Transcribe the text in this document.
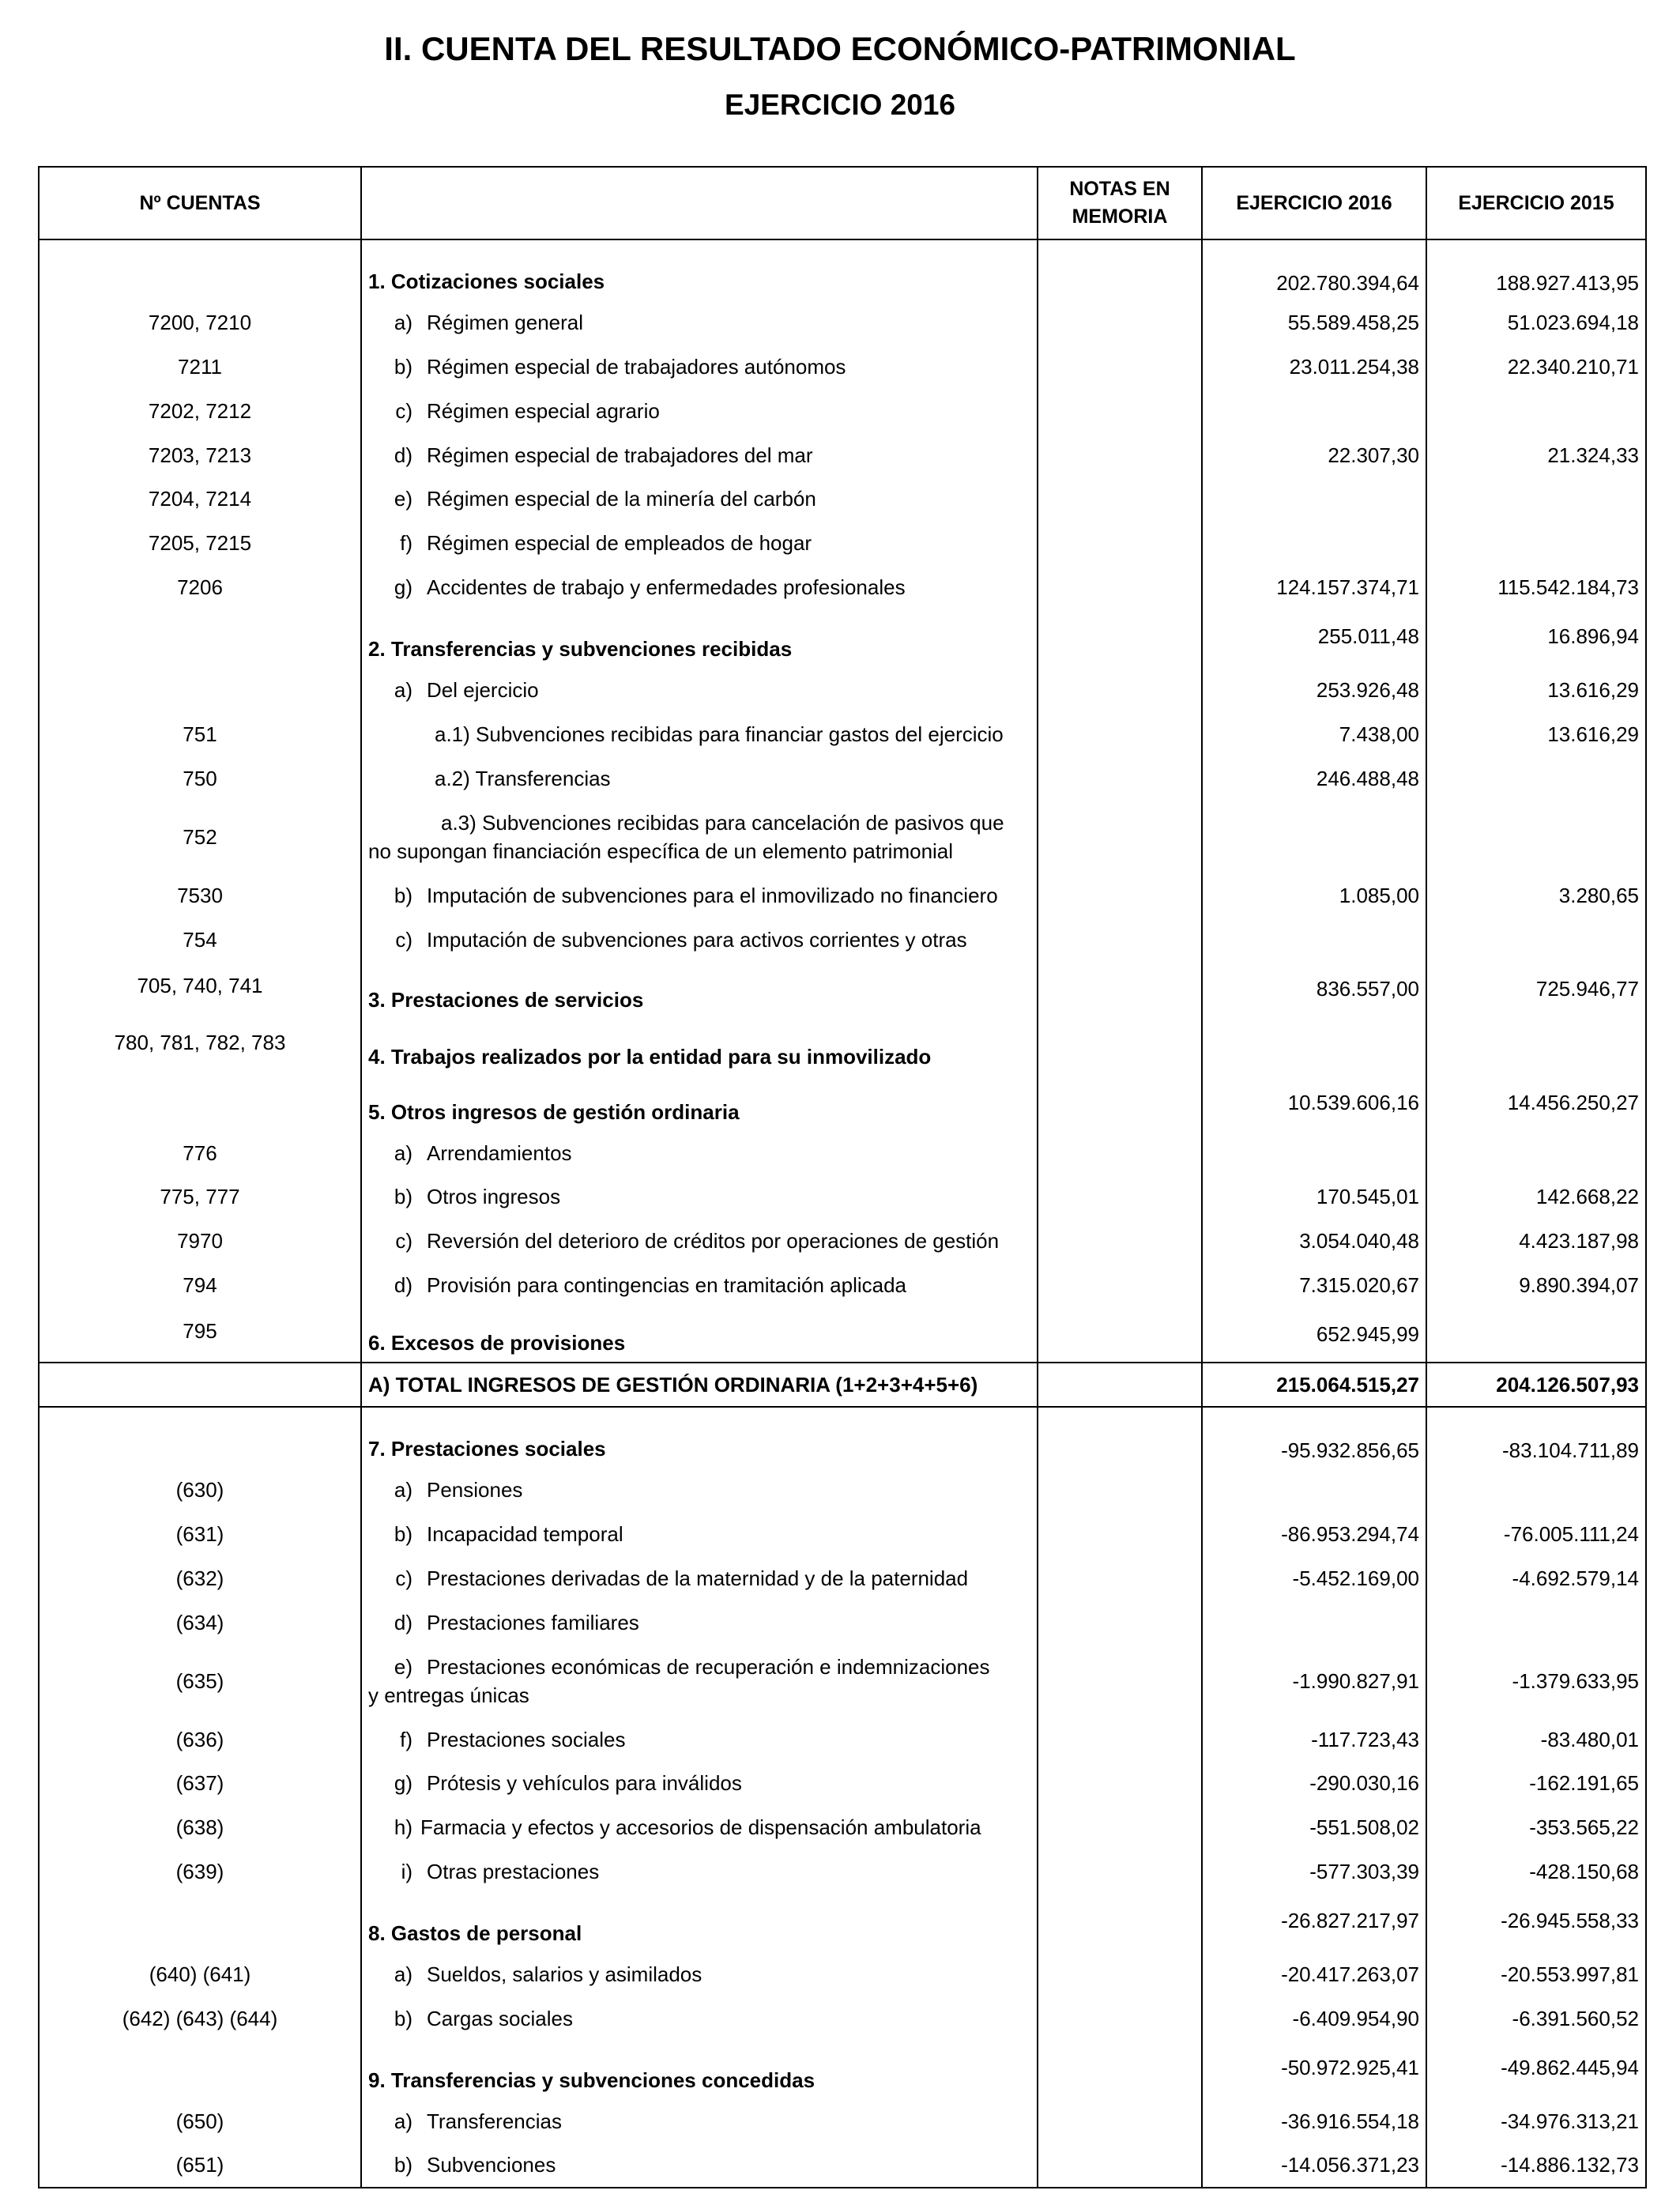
II. CUENTA DEL RESULTADO ECONÓMICO-PATRIMONIAL
EJERCICIO 2016
Nº CUENTAS		NOTAS EN MEMORIA	EJERCICIO 2016	EJERCICIO 2015

	1. Cotizaciones sociales		202.780.394,64	188.927.413,95
7200, 7210	a) Régimen general		55.589.458,25	51.023.694,18
7211	b) Régimen especial de trabajadores autónomos		23.011.254,38	22.340.210,71
7202, 7212	c) Régimen especial agrario			
7203, 7213	d) Régimen especial de trabajadores del mar		22.307,30	21.324,33
7204, 7214	e) Régimen especial de la minería del carbón			
7205, 7215	f) Régimen especial de empleados de hogar			
7206	g) Accidentes de trabajo y enfermedades profesionales		124.157.374,71	115.542.184,73
	2. Transferencias y subvenciones recibidas		255.011,48	16.896,94
	a) Del ejercicio		253.926,48	13.616,29
751	a.1) Subvenciones recibidas para financiar gastos del ejercicio		7.438,00	13.616,29
750	a.2) Transferencias		246.488,48	
752	a.3) Subvenciones recibidas para cancelación de pasivos que
no supongan financiación específica de un elemento patrimonial			

7530	b) Imputación de subvenciones para el inmovilizado no financiero		1.085,00	3.280,65
754	c) Imputación de subvenciones para activos corrientes y otras			
705, 740, 741	3. Prestaciones de servicios		836.557,00	725.946,77
780, 781, 782, 783	4. Trabajos realizados por la entidad para su inmovilizado			
	5. Otros ingresos de gestión ordinaria		10.539.606,16	14.456.250,27
776	a) Arrendamientos			
775, 777	b) Otros ingresos		170.545,01	142.668,22
7970	c) Reversión del deterioro de créditos por operaciones de gestión		3.054.040,48	4.423.187,98
794	d) Provisión para contingencias en tramitación aplicada		7.315.020,67	9.890.394,07
795	6. Excesos de provisiones		652.945,99	
	A) TOTAL INGRESOS DE GESTIÓN ORDINARIA (1+2+3+4+5+6)		215.064.515,27	204.126.507,93

	7. Prestaciones sociales		-95.932.856,65	-83.104.711,89
(630)	a) Pensiones			
(631)	b) Incapacidad temporal		-86.953.294,74	-76.005.111,24
(632)	c) Prestaciones derivadas de la maternidad y de la paternidad		-5.452.169,00	-4.692.579,14
(634)	d) Prestaciones familiares			
(635)	e) Prestaciones económicas de recuperación e indemnizaciones
y entregas únicas		-1.990.827,91	-1.379.633,95
(636)	f) Prestaciones sociales		-117.723,43	-83.480,01
(637)	g) Prótesis y vehículos para inválidos		-290.030,16	-162.191,65
(638)	h) Farmacia y efectos y accesorios de dispensación ambulatoria		-551.508,02	-353.565,22
(639)	i) Otras prestaciones		-577.303,39	-428.150,68
	8. Gastos de personal		-26.827.217,97	-26.945.558,33
(640) (641)	a) Sueldos, salarios y asimilados		-20.417.263,07	-20.553.997,81
(642) (643) (644)	b) Cargas sociales		-6.409.954,90	-6.391.560,52
	9. Transferencias y subvenciones concedidas		-50.972.925,41	-49.862.445,94
(650)	a) Transferencias		-36.916.554,18	-34.976.313,21
(651)	b) Subvenciones		-14.056.371,23	-14.886.132,73
